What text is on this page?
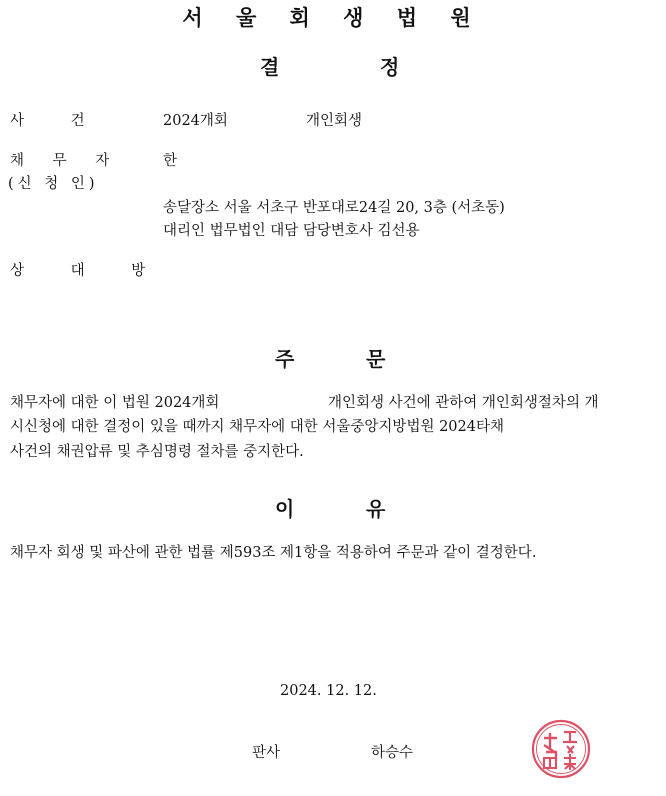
서 울 회 생 법 원
결	정
사 건	2024개회	개인회생
채 무 자	한
(신 청 인)
송달장소 서울 서초구 반포대로24길 20, 3층 (서초동)
대리인 법무법인 대담 담당변호사 김선용
상 대 방
주	문
채무자에 대한 이 법원 2024개회	개인회생 사건에 관하여 개인회생절차의 개
시신청에 대한 결정이 있을 때까지 채무자에 대한 서울중앙지방법원 2024타채
사건의 채권압류 및 추심명령 절차를 중지한다.
이	유
채무자 회생 및 파산에 관한 법률 제593조 제1항을 적용하여 주문과 같이 결정한다.
2024. 12. 12.
판사	하승수
